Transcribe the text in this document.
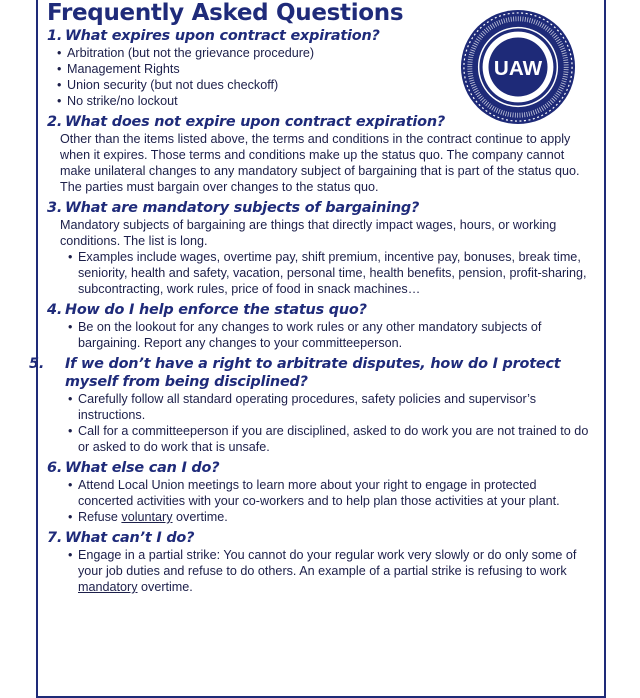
Frequently Asked Questions
UAW

1. What expires upon contract expiration?

• Arbitration (but not the grievance procedure)
• Management Rights
• Union security (but not dues checkoff)
• No strike/no lockout

2. What does not expire upon contract expiration?

Other than the items listed above, the terms and conditions in the contract continue to apply when it expires. Those terms and conditions make up the status quo. The company cannot make unilateral changes to any mandatory subject of bargaining that is part of the status quo. The parties must bargain over changes to the status quo.

3. What are mandatory subjects of bargaining?

Mandatory subjects of bargaining are things that directly impact wages, hours, or working conditions. The list is long.

• Examples include wages, overtime pay, shift premium, incentive pay, bonuses, break time, seniority, health and safety, vacation, personal time, health benefits, pension, profit-sharing, subcontracting, work rules, price of food in snack machines…

4. How do I help enforce the status quo?

• Be on the lookout for any changes to work rules or any other mandatory subjects of bargaining. Report any changes to your committeeperson.

5. If we don’t have a right to arbitrate disputes, how do I protect myself from being disciplined?

• Carefully follow all standard operating procedures, safety policies and supervisor’s instructions.
• Call for a committeeperson if you are disciplined, asked to do work you are not trained to do or asked to do work that is unsafe.

6. What else can I do?

• Attend Local Union meetings to learn more about your right to engage in protected concerted activities with your co-workers and to help plan those activities at your plant.
• Refuse voluntary overtime.

7. What can’t I do?

• Engage in a partial strike: You cannot do your regular work very slowly or do only some of your job duties and refuse to do others. An example of a partial strike is refusing to work mandatory overtime.
